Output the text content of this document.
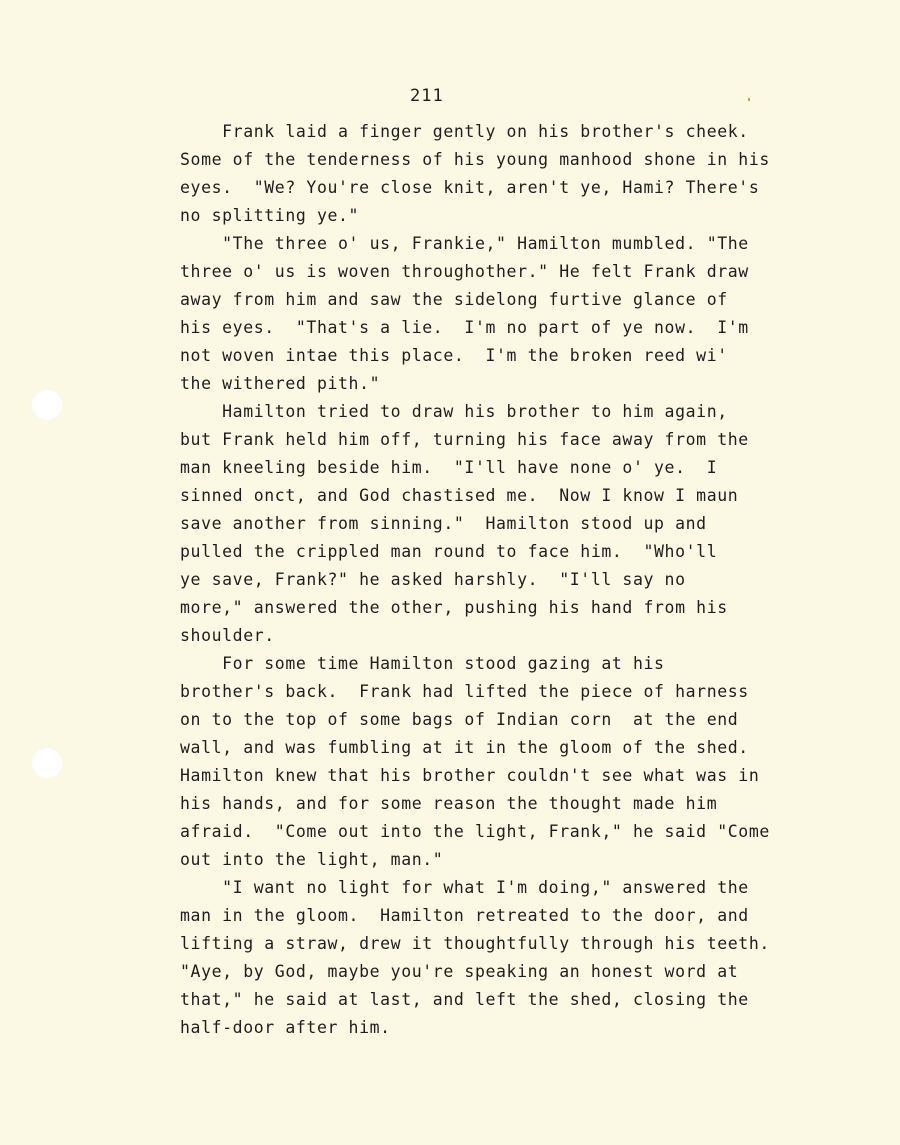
211
Frank laid a finger gently on his brother's cheek.
Some of the tenderness of his young manhood shone in his
eyes.  "We? You're close knit, aren't ye, Hami? There's
no splitting ye."
"The three o' us, Frankie," Hamilton mumbled. "The
three o' us is woven throughother." He felt Frank draw
away from him and saw the sidelong furtive glance of
his eyes.  "That's a lie.  I'm no part of ye now.  I'm
not woven intae this place.  I'm the broken reed wi'
the withered pith."
Hamilton tried to draw his brother to him again,
but Frank held him off, turning his face away from the
man kneeling beside him.  "I'll have none o' ye.  I
sinned onct, and God chastised me.  Now I know I maun
save another from sinning."  Hamilton stood up and
pulled the crippled man round to face him.  "Who'll
ye save, Frank?" he asked harshly.  "I'll say no
more," answered the other, pushing his hand from his
shoulder.
For some time Hamilton stood gazing at his
brother's back.  Frank had lifted the piece of harness
on to the top of some bags of Indian corn  at the end
wall, and was fumbling at it in the gloom of the shed.
Hamilton knew that his brother couldn't see what was in
his hands, and for some reason the thought made him
afraid.  "Come out into the light, Frank," he said "Come
out into the light, man."
"I want no light for what I'm doing," answered the
man in the gloom.  Hamilton retreated to the door, and
lifting a straw, drew it thoughtfully through his teeth.
"Aye, by God, maybe you're speaking an honest word at
that," he said at last, and left the shed, closing the
half-door after him.
